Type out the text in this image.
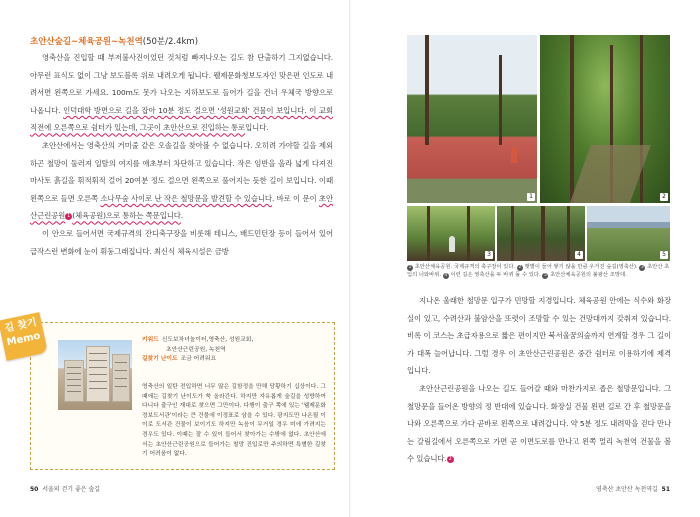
초안산숲길~체육공원~녹천역(50분/2.4km)

영축산을 진입할 때 부저불사진이었던 것처럼 빠져나오는 길도 참 단출하기 그지없습니다. 아무런 표식도 없이 그냥 보도블록 위로 내려오게 됩니다. 웰제문화청보도자인 맞은편 인도로 내려서면 왼쪽으로 가세요. 100m도 못가 나오는 지하보도로 들어가 길을 건너 우체국 방향으로 나옵니다. 인덕대학 방면으로 길을 잡아 10분 정도 걸으면 '성원교회' 건물이 보입니다. 이 교회 직전에 오른쪽으로 쉼터가 있는데, 그곳이 초안산으로 진입하는 통로입니다.

초안산에서는 영축산의 거미줄 같은 오솔길을 찾아볼 수 없습니다. 오히려 가야할 길을 제외하곤 철망이 둘러져 일탈의 여지를 애초부터 차단하고 있습니다. 작은 임반을 올라 넓게 다져진 마사토 흙길을 휘적휘적 걸어 20여분 정도 걸으면 왼쪽으로 풀어지는 듯한 길이 보입니다. 이때 왼쪽으로 들면 오른쪽 소나무숲 사이로 난 작은 철망문을 발견할 수 있습니다. 바로 이 문이 초안산근린공원 1 (체육공원)으로 통하는 쪽문입니다.

이 안으로 들어서면 국제규격의 잔디축구장을 비롯해 테니스, 배드민턴장 등이 들어서 있어 급작스런 변화에 눈이 휘둥그래집니다. 최신식 체육시설은 금방

길 찾기
Memo	키워드 신도보차녀놀이터,영축산, 성원교회,
초안산근린공원, 녹천역
길찾기 난이도 조금 어려워요

영축산의 일탄 전입하면 너무 많은 길함정을 만해 당황하기 십상이다. 그 때에는 길찾기 난이도가 쑥 올라간다. 하지만 자유롭게 숲길을 성방하여 다니다 출구인 재대로 찾으면 그만이다. 다행이 출구 쪽에 있는 '웰제문화정보도서관'이라는 큰 건물에 이정표로 삼을 수 있다. 광지도만 나온될 이이로 도서관 건물이 보이기도 하지만 녹음이 무거일 경우 미에 가려지는 경우도 있다. 이때는 잘 수 있이 들어서 찾아가는 수밖에 없다. 초안산에서는 초안산근린공원으로 들어가는 철망 진입로만 주의하면 특별한 길찾기 어려움이 없다.

50 서울의 걷기 좋은 숲길
1	2
3	4	5
1 초안산체육공원. 국제규격의 축구장이 있다. 2 햇볕이 들어 쌓기 않을 만큼 우거진 숲길(영축산). 3 초안산 초입의 너와바위. 4 이런 길은 영축산을 두 바퀴 돌 수 있다. 5 초안산체육공원의 불광산 조망대.

지나온 울래한 철망문 입구가 민망할 지경입니다. 체육공원 안에는 식수와 화장실이 있고, 수려산과 불암산을 또렷이 조망할 수 있는 건망대까지 갖춰져 있습니다. 비록 이 코스는 초급자용으로 짧은 편이지만 북서울꿈의숲까지 연계할 경우 그 길이가 대폭 늘어납니다. 그럴 경우 이 초안산근린공원은 중간 쉼터로 이용하기에 제격입니다.

초안산근린공원을 나오는 길도 들어갈 때와 마찬가지로 좁은 철망문입니다. 그 철망문을 들어온 방향의 정 반대에 있습니다. 화장실 건물 왼편 길로 간 후 철망문을 나와 오른쪽으로 가다 곧바로 왼쪽으로 내려갑니다. 약 5분 정도 내려막을 걷다 만나는 갈림길에서 오른쪽으로 가면 곧 이면도로를 만나고 왼쪽 멀리 녹천역 건물을 볼 수 있습니다. 2

영축산 초안산 녹천역길 51
